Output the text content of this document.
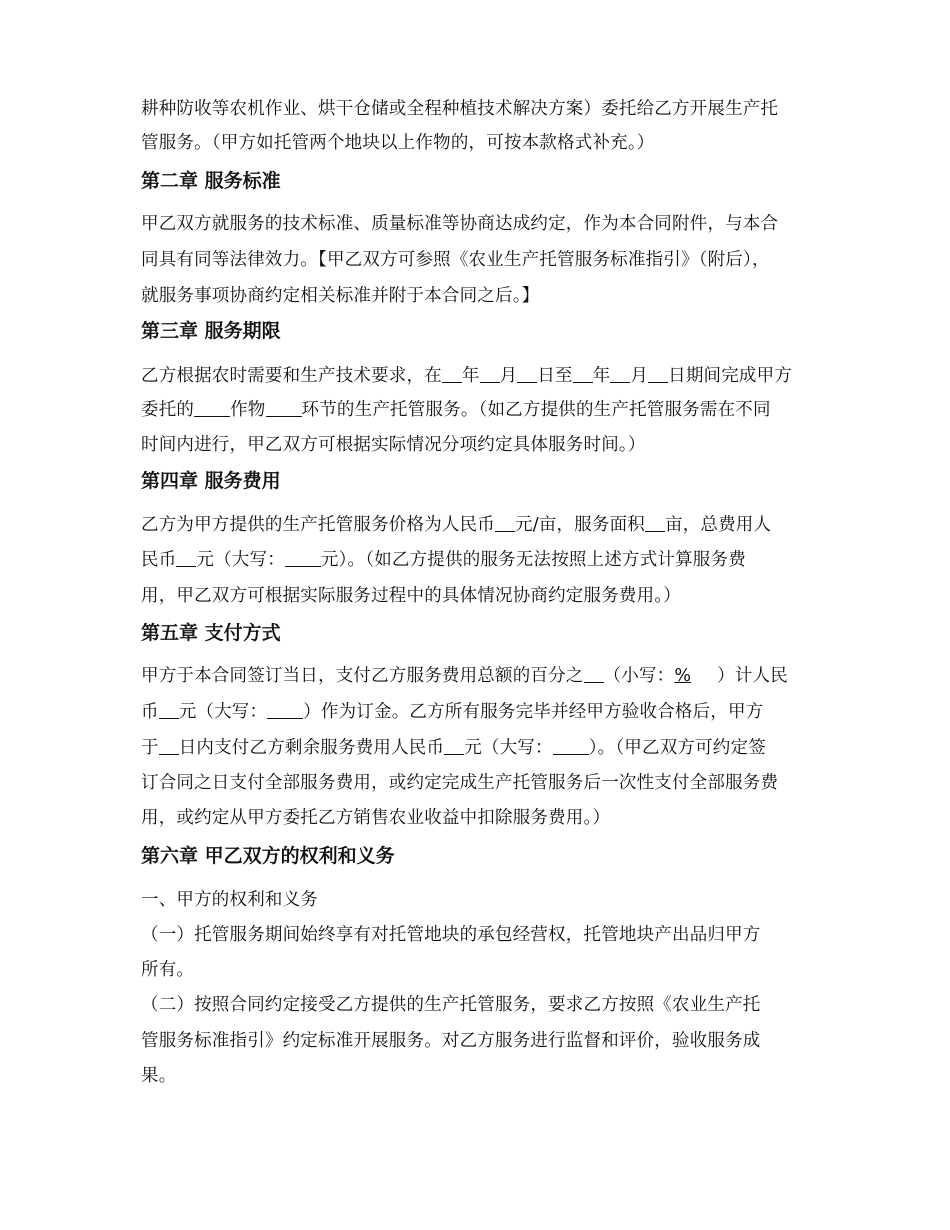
耕种防收等农机作业、烘干仓储或全程种植技术解决方案）委托给乙方开展生产托
管服务。（甲方如托管两个地块以上作物的，可按本款格式补充。）
第二章 服务标准
甲乙双方就服务的技术标准、质量标准等协商达成约定，作为本合同附件，与本合
同具有同等法律效力。【甲乙双方可参照《农业生产托管服务标准指引》（附后），
就服务事项协商约定相关标准并附于本合同之后。】
第三章 服务期限
乙方根据农时需要和生产技术要求，在 年 月 日至 年 月 日期间完成甲方
委托的 作物 环节的生产托管服务。（如乙方提供的生产托管服务需在不同
时间内进行，甲乙双方可根据实际情况分项约定具体服务时间。）
第四章 服务费用
乙方为甲方提供的生产托管服务价格为人民币 元/亩，服务面积 亩，总费用人
民币 元（大写： 元）。（如乙方提供的服务无法按照上述方式计算服务费
用，甲乙双方可根据实际服务过程中的具体情况协商约定服务费用。）
第五章 支付方式
甲方于本合同签订当日，支付乙方服务费用总额的百分之 （小写：% ）计人民
币 元（大写： ）作为订金。乙方所有服务完毕并经甲方验收合格后，甲方
于 日内支付乙方剩余服务费用人民币 元（大写： ）。（甲乙双方可约定签
订合同之日支付全部服务费用，或约定完成生产托管服务后一次性支付全部服务费
用，或约定从甲方委托乙方销售农业收益中扣除服务费用。）
第六章 甲乙双方的权利和义务
一、甲方的权利和义务
（一）托管服务期间始终享有对托管地块的承包经营权，托管地块产出品归甲方
所有。
（二）按照合同约定接受乙方提供的生产托管服务，要求乙方按照《农业生产托
管服务标准指引》约定标准开展服务。对乙方服务进行监督和评价，验收服务成
果。
